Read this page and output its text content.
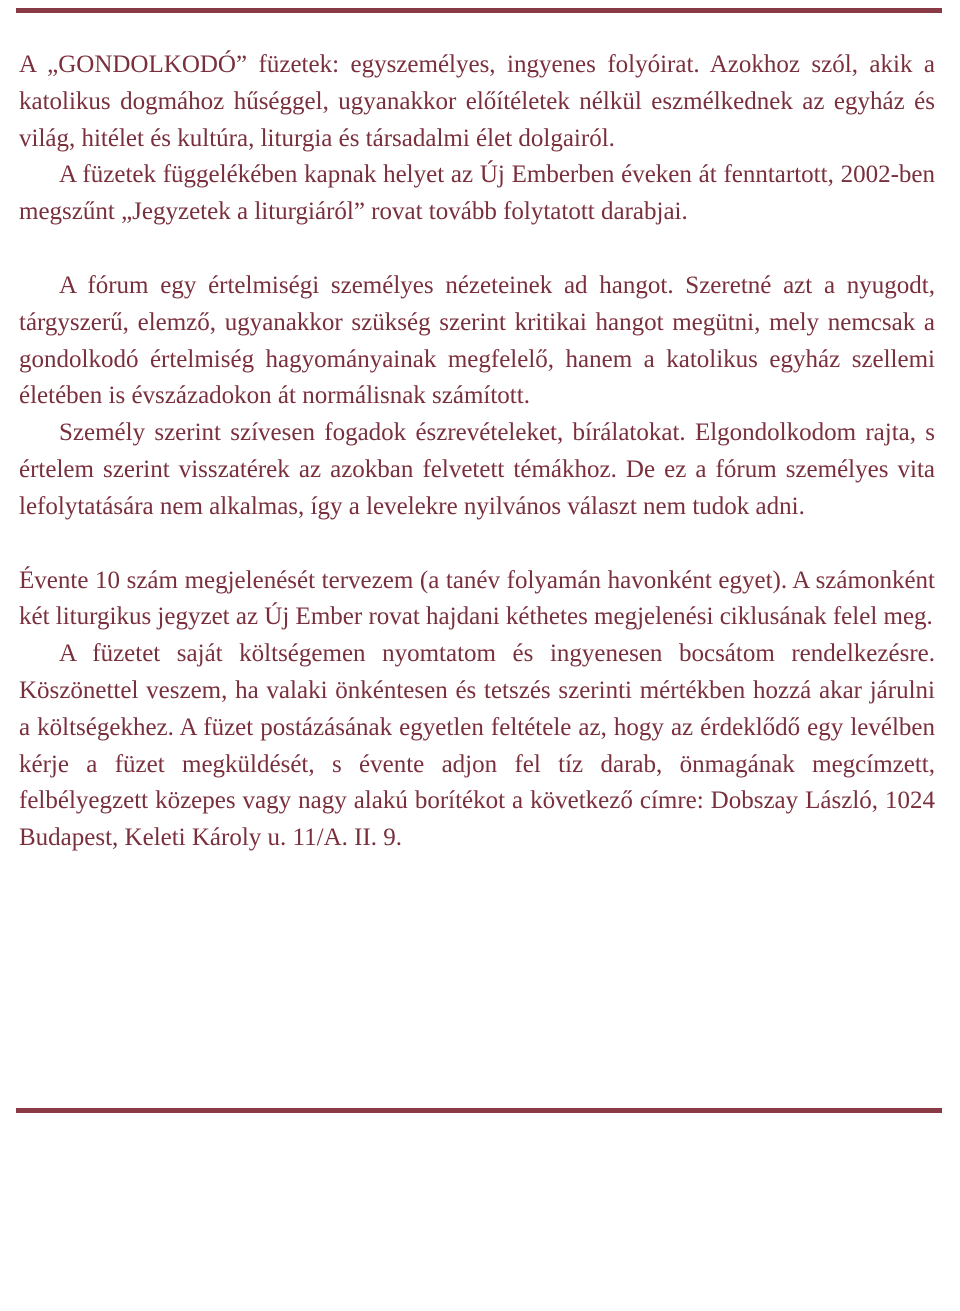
A „GONDOLKODÓ” füzetek: egyszemélyes, ingyenes folyóirat. Azokhoz szól, akik a katolikus dogmához hűséggel, ugyanakkor előítéletek nélkül eszmélkednek az egyház és világ, hitélet és kultúra, liturgia és társadalmi élet dolgairól.

A füzetek függelékében kapnak helyet az Új Emberben éveken át fenntartott, 2002-ben megszűnt „Jegyzetek a liturgiáról” rovat tovább folytatott darabjai.

A fórum egy értelmiségi személyes nézeteinek ad hangot. Szeretné azt a nyugodt, tárgyszerű, elemző, ugyanakkor szükség szerint kritikai hangot megütni, mely nemcsak a gondolkodó értelmiség hagyományainak megfelelő, hanem a katolikus egyház szellemi életében is évszázadokon át normálisnak számított.

Személy szerint szívesen fogadok észrevételeket, bírálatokat. Elgondolkodom rajta, s értelem szerint visszatérek az azokban felvetett témákhoz. De ez a fórum személyes vita lefolytatására nem alkalmas, így a levelekre nyilvános választ nem tudok adni.

Évente 10 szám megjelenését tervezem (a tanév folyamán havonként egyet). A számonként két liturgikus jegyzet az Új Ember rovat hajdani kéthetes megjelenési ciklusának felel meg.

A füzetet saját költségemen nyomtatom és ingyenesen bocsátom rendelkezésre. Köszönettel veszem, ha valaki önkéntesen és tetszés szerinti mértékben hozzá akar járulni a költségekhez. A füzet postázásának egyetlen feltétele az, hogy az érdeklődő egy levélben kérje a füzet megküldését, s évente adjon fel tíz darab, önmagának megcímzett, felbélyegzett közepes vagy nagy alakú borítékot a következő címre: Dobszay László, 1024 Budapest, Keleti Károly u. 11/A. II. 9.
